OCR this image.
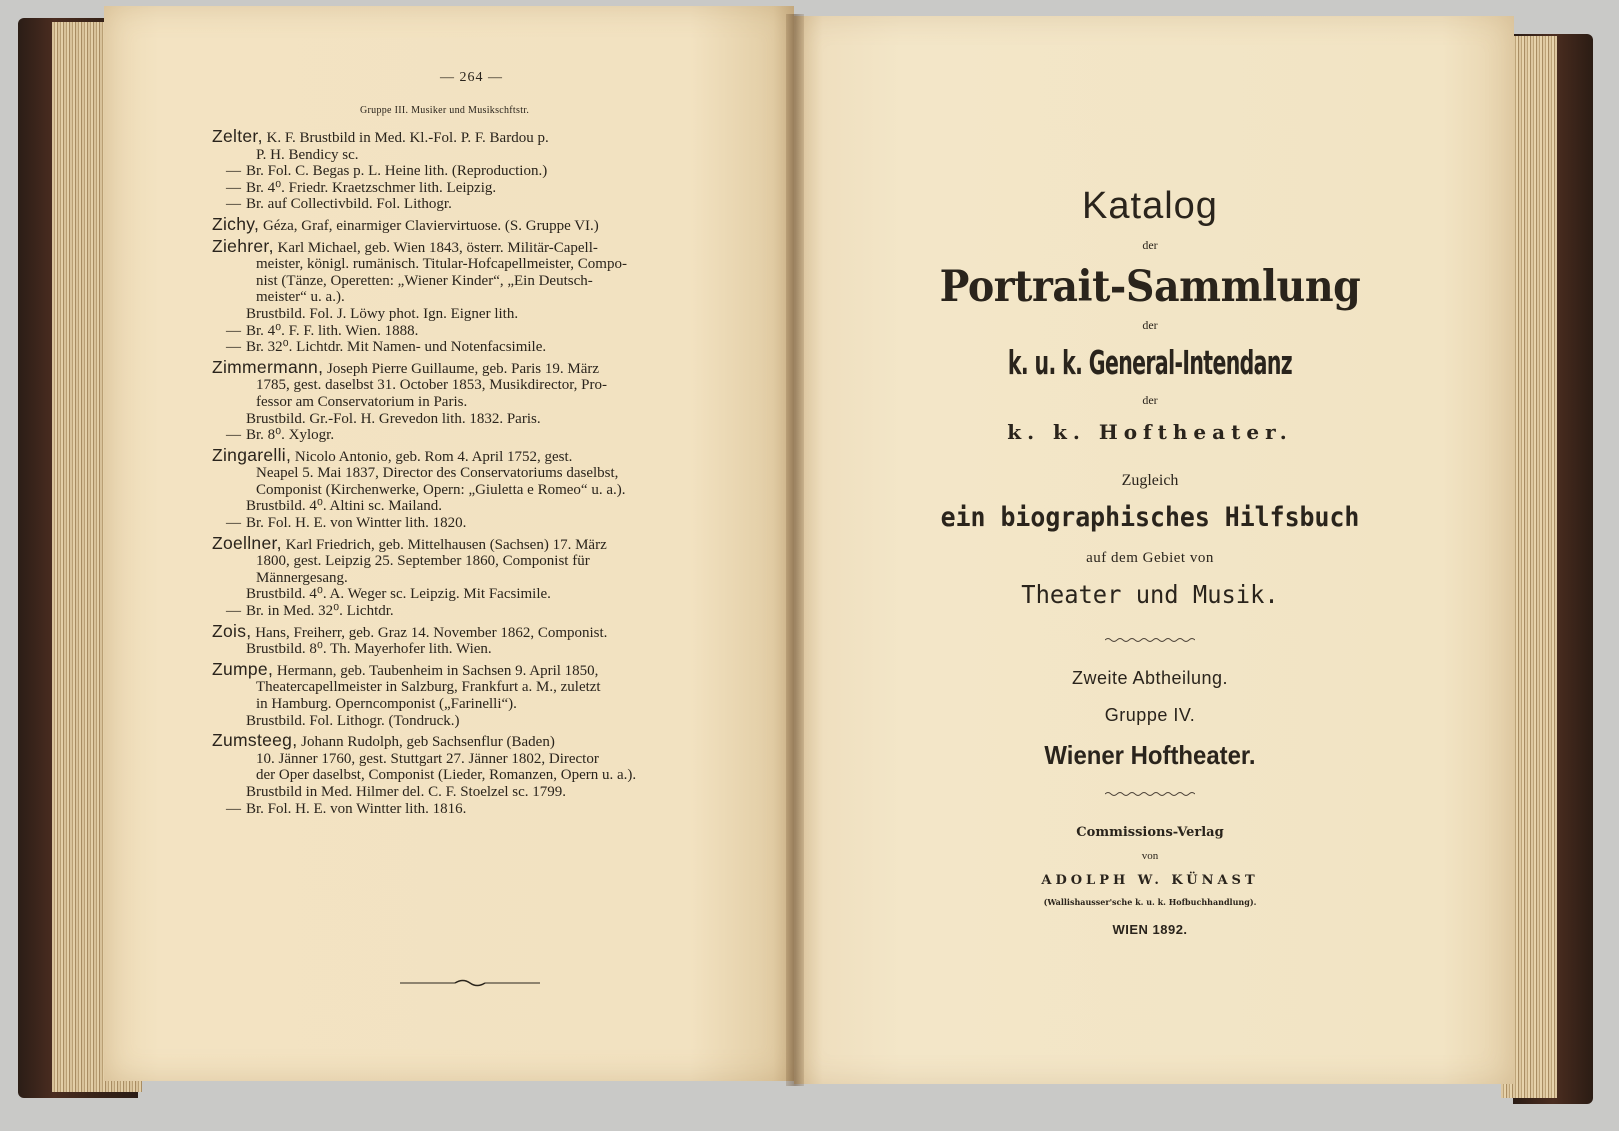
— 264 —
Gruppe III. Musiker und Musikschftstr.
Zelter, K. F. Brustbild in Med. Kl.-Fol. P. F. Bardou p.
P. H. Bendicy sc.
— Br. Fol. C. Begas p. L. Heine lith. (Reproduction.)
— Br. 4⁰. Friedr. Kraetzschmer lith. Leipzig.
— Br. auf Collectivbild. Fol. Lithogr.
Zichy, Géza, Graf, einarmiger Claviervirtuose. (S. Gruppe VI.)
Ziehrer, Karl Michael, geb. Wien 1843, österr. Militär-Capell-
meister, königl. rumänisch. Titular-Hofcapellmeister, Compo-
nist (Tänze, Operetten: „Wiener Kinder“, „Ein Deutsch-
meister“ u. a.).
Brustbild. Fol. J. Löwy phot. Ign. Eigner lith.
— Br. 4⁰. F. F. lith. Wien. 1888.
— Br. 32⁰. Lichtdr. Mit Namen- und Notenfacsimile.
Zimmermann, Joseph Pierre Guillaume, geb. Paris 19. März
1785, gest. daselbst 31. October 1853, Musikdirector, Pro-
fessor am Conservatorium in Paris.
Brustbild. Gr.-Fol. H. Grevedon lith. 1832. Paris.
— Br. 8⁰. Xylogr.
Zingarelli, Nicolo Antonio, geb. Rom 4. April 1752, gest.
Neapel 5. Mai 1837, Director des Conservatoriums daselbst,
Componist (Kirchenwerke, Opern: „Giuletta e Romeo“ u. a.).
Brustbild. 4⁰. Altini sc. Mailand.
— Br. Fol. H. E. von Wintter lith. 1820.
Zoellner, Karl Friedrich, geb. Mittelhausen (Sachsen) 17. März
1800, gest. Leipzig 25. September 1860, Componist für
Männergesang.
Brustbild. 4⁰. A. Weger sc. Leipzig. Mit Facsimile.
— Br. in Med. 32⁰. Lichtdr.
Zois, Hans, Freiherr, geb. Graz 14. November 1862, Componist.
Brustbild. 8⁰. Th. Mayerhofer lith. Wien.
Zumpe, Hermann, geb. Taubenheim in Sachsen 9. April 1850,
Theatercapellmeister in Salzburg, Frankfurt a. M., zuletzt
in Hamburg. Operncomponist („Farinelli“).
Brustbild. Fol. Lithogr. (Tondruck.)
Zumsteeg, Johann Rudolph, geb Sachsenflur (Baden)
10. Jänner 1760, gest. Stuttgart 27. Jänner 1802, Director
der Oper daselbst, Componist (Lieder, Romanzen, Opern u. a.).
Brustbild in Med. Hilmer del. C. F. Stoelzel sc. 1799.
— Br. Fol. H. E. von Wintter lith. 1816.
Katalog
der
Portrait-Sammlung
der
k. u. k. General-Intendanz
der
k. k. Hoftheater.
Zugleich
ein biographisches Hilfsbuch
auf dem Gebiet von
Theater und Musik.
Zweite Abtheilung.
Gruppe IV.
Wiener Hoftheater.
Commissions-Verlag
von
ADOLPH W. KÜNAST
(Wallishausser'sche k. u. k. Hofbuchhandlung).
WIEN 1892.
